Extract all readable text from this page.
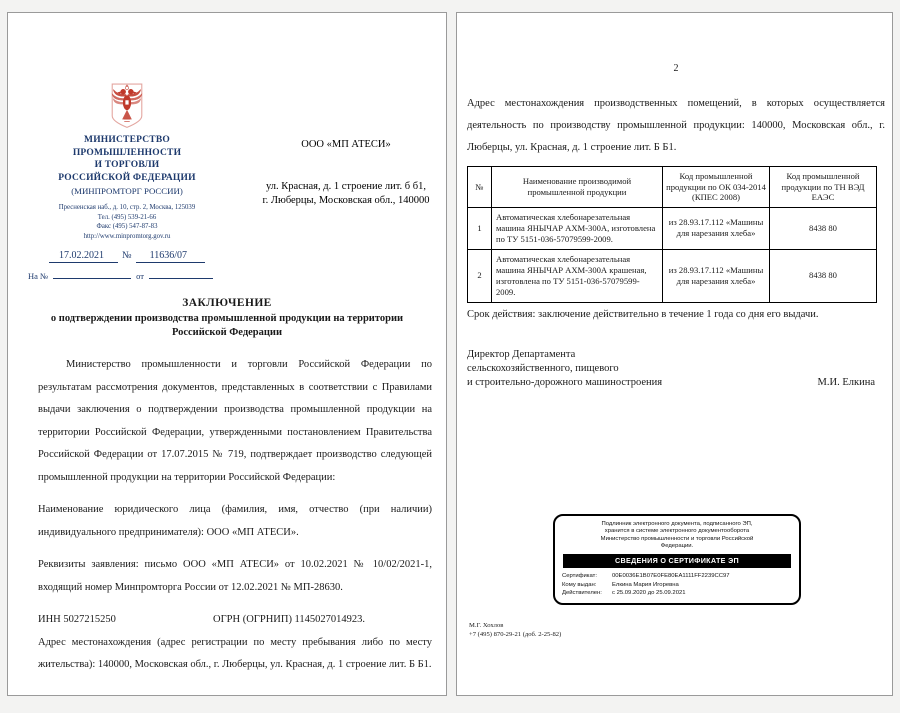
МИНИСТЕРСТВО
ПРОМЫШЛЕННОСТИ
И ТОРГОВЛИ
РОССИЙСКОЙ ФЕДЕРАЦИИ
(МИНПРОМТОРГ РОССИИ)
Пресненская наб., д. 10, стр. 2, Москва, 125039
Тел. (495) 539-21-66
Факс (495) 547-87-83
http://www.minpromtorg.gov.ru
17.02.2021 № 11636/07
На №	от
ООО «МП АТЕСИ»
ул. Красная, д. 1 строение лит. б б1,
г. Люберцы, Московская обл., 140000
ЗАКЛЮЧЕНИЕ
о подтверждении производства промышленной продукции на территории Российской Федерации

Министерство промышленности и торговли Российской Федерации по результатам рассмотрения документов, представленных в соответствии с Правилами выдачи заключения о подтверждении производства промышленной продукции на территории Российской Федерации, утвержденными постановлением Правительства Российской Федерации от 17.07.2015 № 719, подтверждает производство следующей промышленной продукции на территории Российской Федерации:

Наименование юридического лица (фамилия, имя, отчество (при наличии) индивидуального предпринимателя): ООО «МП АТЕСИ».

Реквизиты заявления: письмо ООО «МП АТЕСИ» от 10.02.2021 № 10/02/2021-1, входящий номер Минпромторга России от 12.02.2021 № МП-28630.

ИНН 5027215250	ОГРН (ОГРНИП) 1145027014923.

Адрес местонахождения (адрес регистрации по месту пребывания либо по месту жительства): 140000, Московская обл., г. Люберцы, ул. Красная, д. 1 строение лит. Б Б1.

2
Адрес местонахождения производственных помещений, в которых осуществляется деятельность по производству промышленной продукции: 140000, Московская обл., г. Люберцы, ул. Красная, д. 1 строение лит. Б Б1.
№	Наименование производимой промышленной продукции	Код промышленной продукции по ОК 034-2014 (КПЕС 2008)	Код промышленной продукции по ТН ВЭД ЕАЭС
1	Автоматическая хлебонарезательная машина ЯНЫЧАР АХМ-300А, изготовлена по ТУ 5151-036-57079599-2009.	из 28.93.17.112 «Машины для нарезания хлеба»	8438 80
2	Автоматическая хлебонарезательная машина ЯНЫЧАР АХМ-300А крашеная, изготовлена по ТУ 5151-036-57079599-2009.	из 28.93.17.112 «Машины для нарезания хлеба»	8438 80
Срок действия: заключение действительно в течение 1 года со дня его выдачи.
Директор Департамента
сельскохозяйственного, пищевого
и строительно-дорожного машиностроения	М.И. Елкина
Подлинник электронного документа, подписанного ЭП,
хранится в системе электронного документооборота
Министерство промышленности и торговли Российской
Федерации.
СВЕДЕНИЯ О СЕРТИФИКАТЕ ЭП
Сертификат:	00E0036E1B07E0FE80EA1111FF2239CC97
Кому выдан:	Елкина Мария Игоревна
Действителен: с 25.09.2020 до 25.09.2021
М.Г. Хохлов
+7 (495) 870-29-21 (доб. 2-25-82)
